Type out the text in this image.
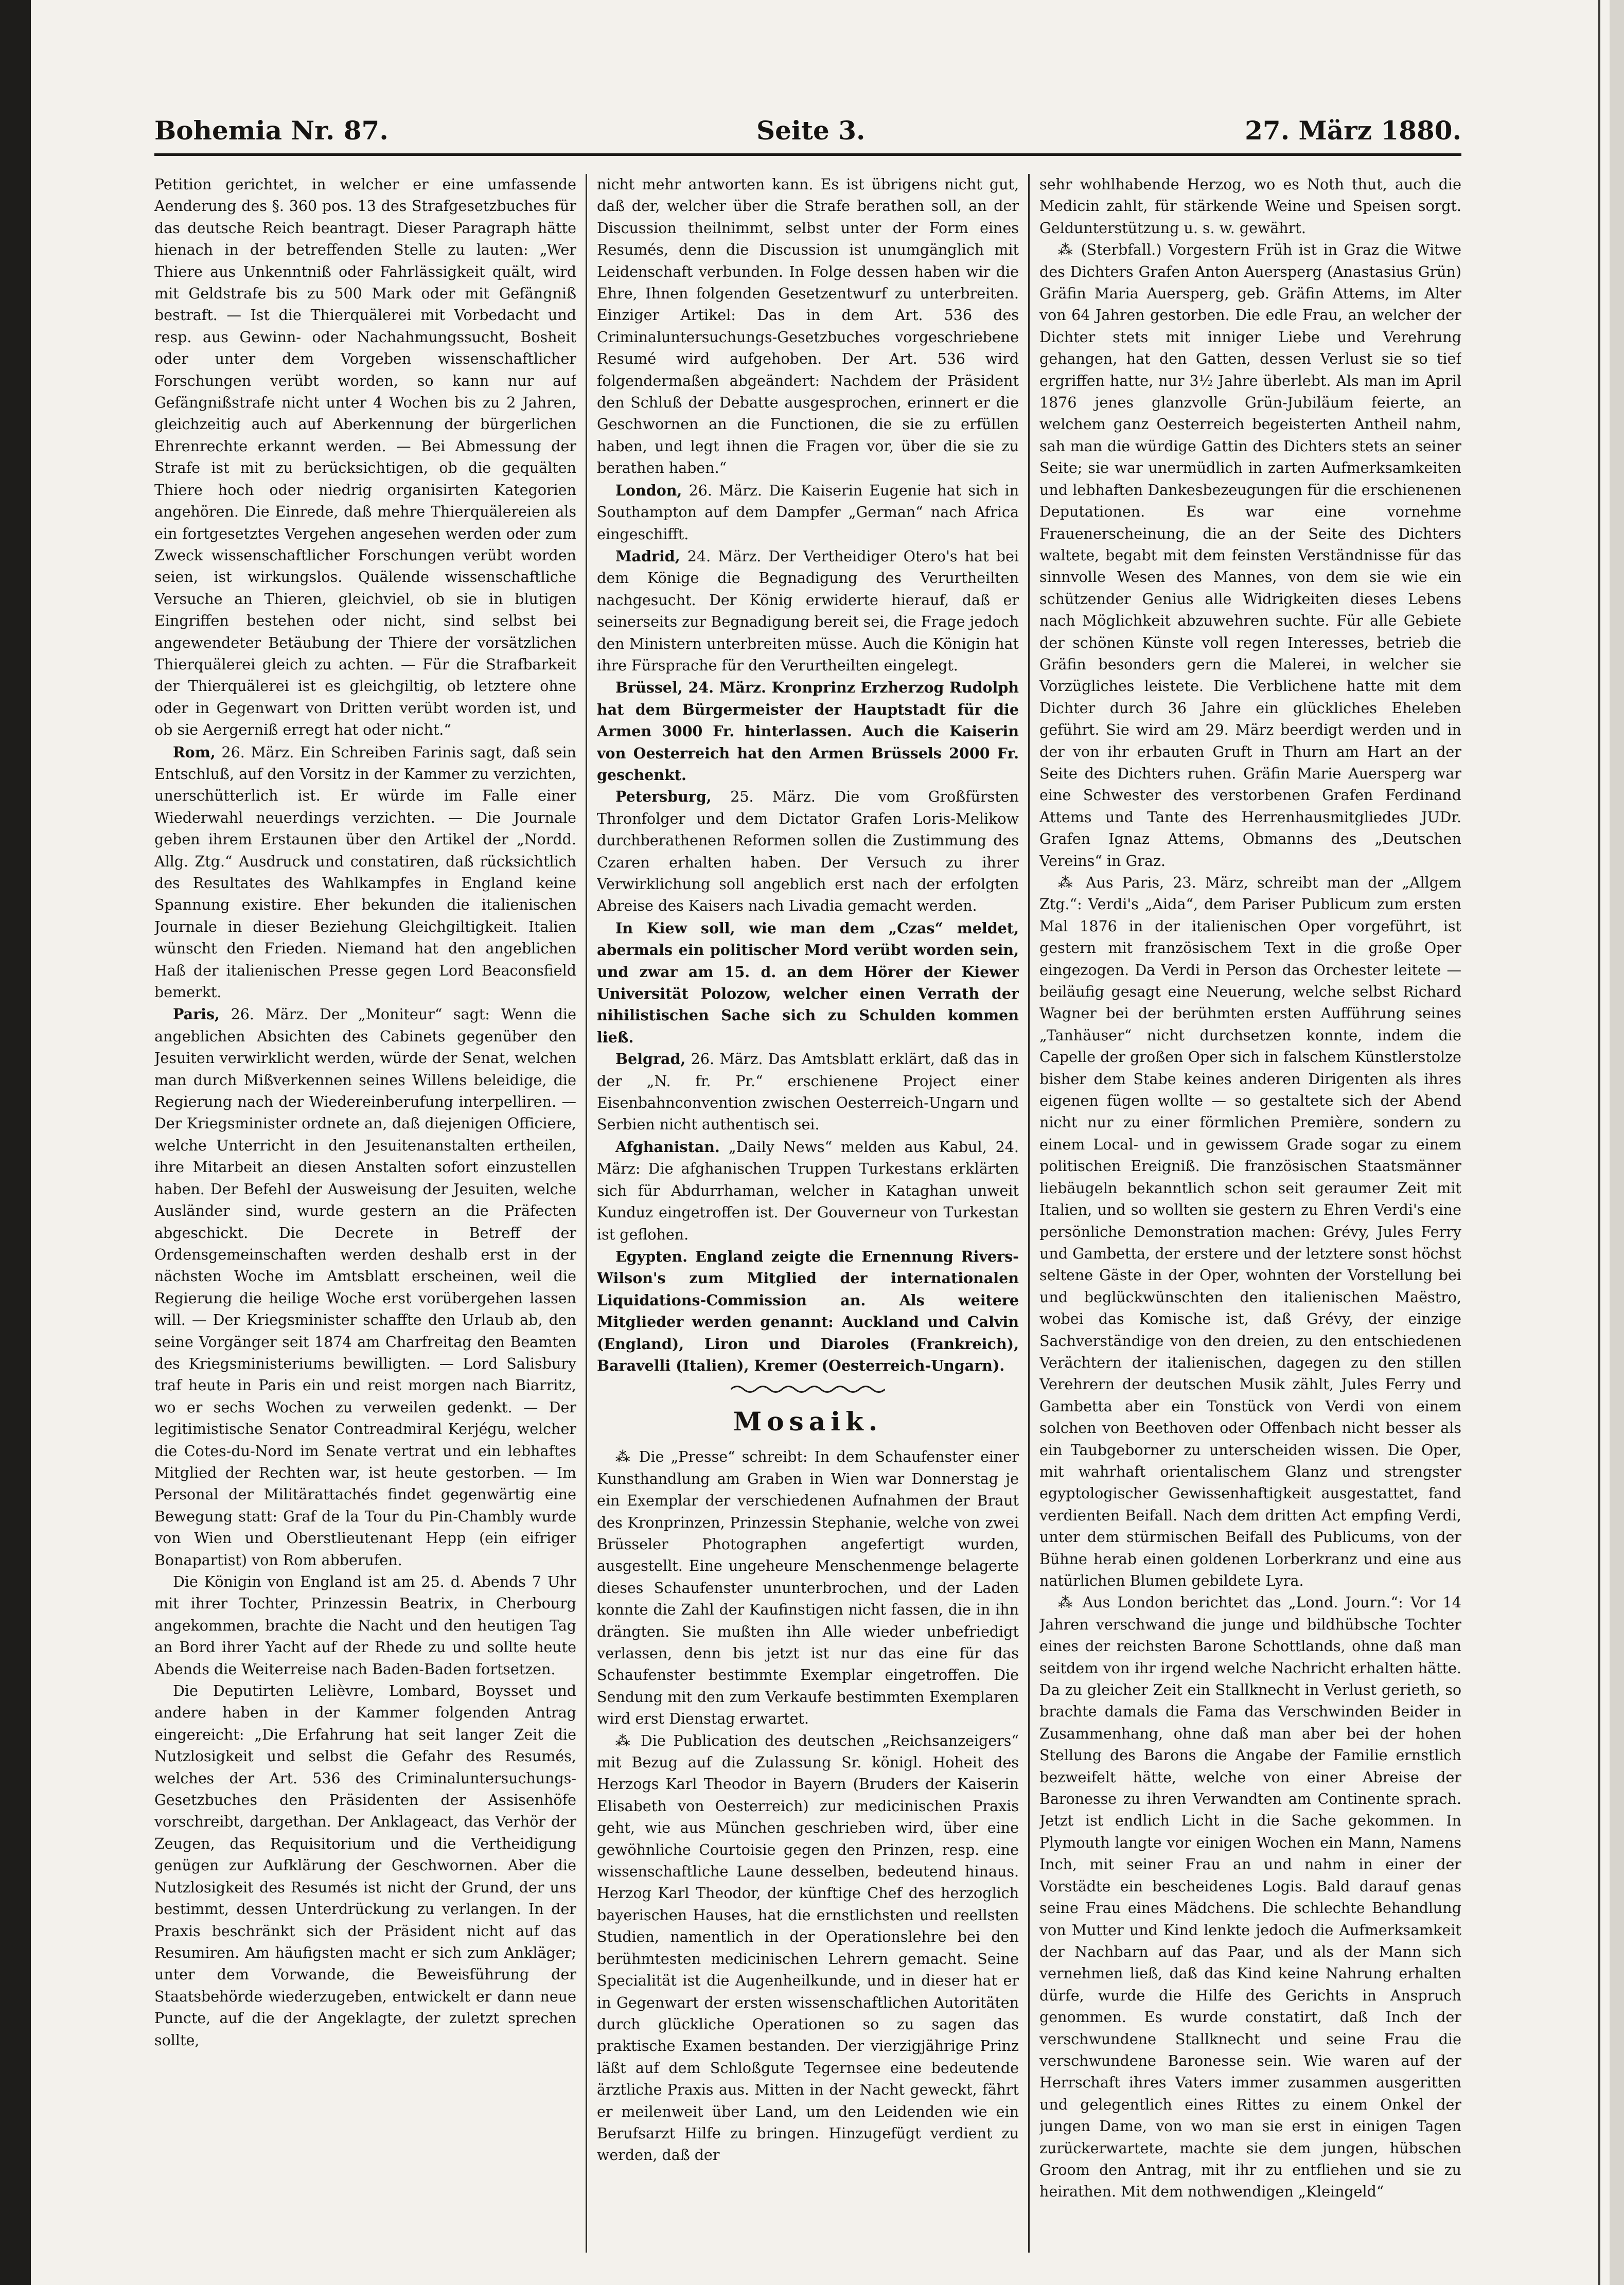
Bohemia Nr. 87.	Seite 3.	27. März 1880.

Petition gerichtet, in welcher er eine umfassende Aenderung des §. 360 pos. 13 des Strafgesetzbuches für das deutsche Reich beantragt. Dieser Paragraph hätte hienach in der betreffenden Stelle zu lauten: „Wer Thiere aus Unkenntniß oder Fahrlässigkeit quält, wird mit Geldstrafe bis zu 500 Mark oder mit Gefängniß bestraft. — Ist die Thierquälerei mit Vorbedacht und resp. aus Gewinn- oder Nachahmungssucht, Bosheit oder unter dem Vorgeben wissenschaftlicher Forschungen verübt worden, so kann nur auf Gefängnißstrafe nicht unter 4 Wochen bis zu 2 Jahren, gleichzeitig auch auf Aberkennung der bürgerlichen Ehrenrechte erkannt werden. — Bei Abmessung der Strafe ist mit zu berücksichtigen, ob die gequälten Thiere hoch oder niedrig organisirten Kategorien angehören. Die Einrede, daß mehre Thierquälereien als ein fortgesetztes Vergehen angesehen werden oder zum Zweck wissenschaftlicher Forschungen verübt worden seien, ist wirkungslos. Quälende wissenschaftliche Versuche an Thieren, gleichviel, ob sie in blutigen Eingriffen bestehen oder nicht, sind selbst bei angewendeter Betäubung der Thiere der vorsätzlichen Thierquälerei gleich zu achten. — Für die Strafbarkeit der Thierquälerei ist es gleichgiltig, ob letztere ohne oder in Gegenwart von Dritten verübt worden ist, und ob sie Aergerniß erregt hat oder nicht.“

Rom, 26. März. Ein Schreiben Farinis sagt, daß sein Entschluß, auf den Vorsitz in der Kammer zu verzichten, unerschütterlich ist. Er würde im Falle einer Wiederwahl neuerdings verzichten. — Die Journale geben ihrem Erstaunen über den Artikel der „Nordd. Allg. Ztg.“ Ausdruck und constatiren, daß rücksichtlich des Resultates des Wahlkampfes in England keine Spannung existire. Eher bekunden die italienischen Journale in dieser Beziehung Gleichgiltigkeit. Italien wünscht den Frieden. Niemand hat den angeblichen Haß der italienischen Presse gegen Lord Beaconsfield bemerkt.

Paris, 26. März. Der „Moniteur“ sagt: Wenn die angeblichen Absichten des Cabinets gegenüber den Jesuiten verwirklicht werden, würde der Senat, welchen man durch Mißverkennen seines Willens beleidige, die Regierung nach der Wiedereinberufung interpelliren. — Der Kriegsminister ordnete an, daß diejenigen Officiere, welche Unterricht in den Jesuitenanstalten ertheilen, ihre Mitarbeit an diesen Anstalten sofort einzustellen haben. Der Befehl der Ausweisung der Jesuiten, welche Ausländer sind, wurde gestern an die Präfecten abgeschickt. Die Decrete in Betreff der Ordensgemeinschaften werden deshalb erst in der nächsten Woche im Amtsblatt erscheinen, weil die Regierung die heilige Woche erst vorübergehen lassen will. — Der Kriegsminister schaffte den Urlaub ab, den seine Vorgänger seit 1874 am Charfreitag den Beamten des Kriegsministeriums bewilligten. — Lord Salisbury traf heute in Paris ein und reist morgen nach Biarritz, wo er sechs Wochen zu verweilen gedenkt. — Der legitimistische Senator Contreadmiral Kerjégu, welcher die Cotes-du-Nord im Senate vertrat und ein lebhaftes Mitglied der Rechten war, ist heute gestorben. — Im Personal der Militärattachés findet gegenwärtig eine Bewegung statt: Graf de la Tour du Pin-Chambly wurde von Wien und Oberstlieutenant Hepp (ein eifriger Bonapartist) von Rom abberufen.

Die Königin von England ist am 25. d. Abends 7 Uhr mit ihrer Tochter, Prinzessin Beatrix, in Cherbourg angekommen, brachte die Nacht und den heutigen Tag an Bord ihrer Yacht auf der Rhede zu und sollte heute Abends die Weiterreise nach Baden-Baden fortsetzen.

Die Deputirten Lelièvre, Lombard, Boysset und andere haben in der Kammer folgenden Antrag eingereicht: „Die Erfahrung hat seit langer Zeit die Nutzlosigkeit und selbst die Gefahr des Resumés, welches der Art. 536 des Criminaluntersuchungs-Gesetzbuches den Präsidenten der Assisenhöfe vorschreibt, dargethan. Der Anklageact, das Verhör der Zeugen, das Requisitorium und die Vertheidigung genügen zur Aufklärung der Geschwornen. Aber die Nutzlosigkeit des Resumés ist nicht der Grund, der uns bestimmt, dessen Unterdrückung zu verlangen. In der Praxis beschränkt sich der Präsident nicht auf das Resumiren. Am häufigsten macht er sich zum Ankläger; unter dem Vorwande, die Beweisführung der Staatsbehörde wiederzugeben, entwickelt er dann neue Puncte, auf die der Angeklagte, der zuletzt sprechen sollte,

nicht mehr antworten kann. Es ist übrigens nicht gut, daß der, welcher über die Strafe berathen soll, an der Discussion theilnimmt, selbst unter der Form eines Resumés, denn die Discussion ist unumgänglich mit Leidenschaft verbunden. In Folge dessen haben wir die Ehre, Ihnen folgenden Gesetzentwurf zu unterbreiten. Einziger Artikel: Das in dem Art. 536 des Criminaluntersuchungs-Gesetzbuches vorgeschriebene Resumé wird aufgehoben. Der Art. 536 wird folgendermaßen abgeändert: Nachdem der Präsident den Schluß der Debatte ausgesprochen, erinnert er die Geschwornen an die Functionen, die sie zu erfüllen haben, und legt ihnen die Fragen vor, über die sie zu berathen haben.“

London, 26. März. Die Kaiserin Eugenie hat sich in Southampton auf dem Dampfer „German“ nach Africa eingeschifft.

Madrid, 24. März. Der Vertheidiger Otero's hat bei dem Könige die Begnadigung des Verurtheilten nachgesucht. Der König erwiderte hierauf, daß er seinerseits zur Begnadigung bereit sei, die Frage jedoch den Ministern unterbreiten müsse. Auch die Königin hat ihre Fürsprache für den Verurtheilten eingelegt.

Brüssel, 24. März. Kronprinz Erzherzog Rudolph hat dem Bürgermeister der Hauptstadt für die Armen 3000 Fr. hinterlassen. Auch die Kaiserin von Oesterreich hat den Armen Brüssels 2000 Fr. geschenkt.

Petersburg, 25. März. Die vom Großfürsten Thronfolger und dem Dictator Grafen Loris-Melikow durchberathenen Reformen sollen die Zustimmung des Czaren erhalten haben. Der Versuch zu ihrer Verwirklichung soll angeblich erst nach der erfolgten Abreise des Kaisers nach Livadia gemacht werden.

In Kiew soll, wie man dem „Czas“ meldet, abermals ein politischer Mord verübt worden sein, und zwar am 15. d. an dem Hörer der Kiewer Universität Polozow, welcher einen Verrath der nihilistischen Sache sich zu Schulden kommen ließ.

Belgrad, 26. März. Das Amtsblatt erklärt, daß das in der „N. fr. Pr.“ erschienene Project einer Eisenbahnconvention zwischen Oesterreich-Ungarn und Serbien nicht authentisch sei.

Afghanistan. „Daily News“ melden aus Kabul, 24. März: Die afghanischen Truppen Turkestans erklärten sich für Abdurrhaman, welcher in Kataghan unweit Kunduz eingetroffen ist. Der Gouverneur von Turkestan ist geflohen.

Egypten. England zeigte die Ernennung Rivers-Wilson's zum Mitglied der internationalen Liquidations-Commission an. Als weitere Mitglieder werden genannt: Auckland und Calvin (England), Liron und Diaroles (Frankreich), Baravelli (Italien), Kremer (Oesterreich-Ungarn).

Mosaik.

⁂ Die „Presse“ schreibt: In dem Schaufenster einer Kunsthandlung am Graben in Wien war Donnerstag je ein Exemplar der verschiedenen Aufnahmen der Braut des Kronprinzen, Prinzessin Stephanie, welche von zwei Brüsseler Photographen angefertigt wurden, ausgestellt. Eine ungeheure Menschenmenge belagerte dieses Schaufenster ununterbrochen, und der Laden konnte die Zahl der Kaufinstigen nicht fassen, die in ihn drängten. Sie mußten ihn Alle wieder unbefriedigt verlassen, denn bis jetzt ist nur das eine für das Schaufenster bestimmte Exemplar eingetroffen. Die Sendung mit den zum Verkaufe bestimmten Exemplaren wird erst Dienstag erwartet.

⁂ Die Publication des deutschen „Reichsanzeigers“ mit Bezug auf die Zulassung Sr. königl. Hoheit des Herzogs Karl Theodor in Bayern (Bruders der Kaiserin Elisabeth von Oesterreich) zur medicinischen Praxis geht, wie aus München geschrieben wird, über eine gewöhnliche Courtoisie gegen den Prinzen, resp. eine wissenschaftliche Laune desselben, bedeutend hinaus. Herzog Karl Theodor, der künftige Chef des herzoglich bayerischen Hauses, hat die ernstlichsten und reellsten Studien, namentlich in der Operationslehre bei den berühmtesten medicinischen Lehrern gemacht. Seine Specialität ist die Augenheilkunde, und in dieser hat er in Gegenwart der ersten wissenschaftlichen Autoritäten durch glückliche Operationen so zu sagen das praktische Examen bestanden. Der vierzigjährige Prinz läßt auf dem Schloßgute Tegernsee eine bedeutende ärztliche Praxis aus. Mitten in der Nacht geweckt, fährt er meilenweit über Land, um den Leidenden wie ein Berufsarzt Hilfe zu bringen. Hinzugefügt verdient zu werden, daß der

sehr wohlhabende Herzog, wo es Noth thut, auch die Medicin zahlt, für stärkende Weine und Speisen sorgt. Geldunterstützung u. s. w. gewährt.

⁂ (Sterbfall.) Vorgestern Früh ist in Graz die Witwe des Dichters Grafen Anton Auersperg (Anastasius Grün) Gräfin Maria Auersperg, geb. Gräfin Attems, im Alter von 64 Jahren gestorben. Die edle Frau, an welcher der Dichter stets mit inniger Liebe und Verehrung gehangen, hat den Gatten, dessen Verlust sie so tief ergriffen hatte, nur 3½ Jahre überlebt. Als man im April 1876 jenes glanzvolle Grün-Jubiläum feierte, an welchem ganz Oesterreich begeisterten Antheil nahm, sah man die würdige Gattin des Dichters stets an seiner Seite; sie war unermüdlich in zarten Aufmerksamkeiten und lebhaften Dankesbezeugungen für die erschienenen Deputationen. Es war eine vornehme Frauenerscheinung, die an der Seite des Dichters waltete, begabt mit dem feinsten Verständnisse für das sinnvolle Wesen des Mannes, von dem sie wie ein schützender Genius alle Widrigkeiten dieses Lebens nach Möglichkeit abzuwehren suchte. Für alle Gebiete der schönen Künste voll regen Interesses, betrieb die Gräfin besonders gern die Malerei, in welcher sie Vorzügliches leistete. Die Verblichene hatte mit dem Dichter durch 36 Jahre ein glückliches Eheleben geführt. Sie wird am 29. März beerdigt werden und in der von ihr erbauten Gruft in Thurn am Hart an der Seite des Dichters ruhen. Gräfin Marie Auersperg war eine Schwester des verstorbenen Grafen Ferdinand Attems und Tante des Herrenhausmitgliedes JUDr. Grafen Ignaz Attems, Obmanns des „Deutschen Vereins“ in Graz.

⁂ Aus Paris, 23. März, schreibt man der „Allgem Ztg.“: Verdi's „Aida“, dem Pariser Publicum zum ersten Mal 1876 in der italienischen Oper vorgeführt, ist gestern mit französischem Text in die große Oper eingezogen. Da Verdi in Person das Orchester leitete — beiläufig gesagt eine Neuerung, welche selbst Richard Wagner bei der berühmten ersten Aufführung seines „Tanhäuser“ nicht durchsetzen konnte, indem die Capelle der großen Oper sich in falschem Künstlerstolze bisher dem Stabe keines anderen Dirigenten als ihres eigenen fügen wollte — so gestaltete sich der Abend nicht nur zu einer förmlichen Première, sondern zu einem Local- und in gewissem Grade sogar zu einem politischen Ereigniß. Die französischen Staatsmänner liebäugeln bekanntlich schon seit geraumer Zeit mit Italien, und so wollten sie gestern zu Ehren Verdi's eine persönliche Demonstration machen: Grévy, Jules Ferry und Gambetta, der erstere und der letztere sonst höchst seltene Gäste in der Oper, wohnten der Vorstellung bei und beglückwünschten den italienischen Maëstro, wobei das Komische ist, daß Grévy, der einzige Sachverständige von den dreien, zu den entschiedenen Verächtern der italienischen, dagegen zu den stillen Verehrern der deutschen Musik zählt, Jules Ferry und Gambetta aber ein Tonstück von Verdi von einem solchen von Beethoven oder Offenbach nicht besser als ein Taubgeborner zu unterscheiden wissen. Die Oper, mit wahrhaft orientalischem Glanz und strengster egyptologischer Gewissenhaftigkeit ausgestattet, fand verdienten Beifall. Nach dem dritten Act empfing Verdi, unter dem stürmischen Beifall des Publicums, von der Bühne herab einen goldenen Lorberkranz und eine aus natürlichen Blumen gebildete Lyra.

⁂ Aus London berichtet das „Lond. Journ.“: Vor 14 Jahren verschwand die junge und bildhübsche Tochter eines der reichsten Barone Schottlands, ohne daß man seitdem von ihr irgend welche Nachricht erhalten hätte. Da zu gleicher Zeit ein Stallknecht in Verlust gerieth, so brachte damals die Fama das Verschwinden Beider in Zusammenhang, ohne daß man aber bei der hohen Stellung des Barons die Angabe der Familie ernstlich bezweifelt hätte, welche von einer Abreise der Baronesse zu ihren Verwandten am Continente sprach. Jetzt ist endlich Licht in die Sache gekommen. In Plymouth langte vor einigen Wochen ein Mann, Namens Inch, mit seiner Frau an und nahm in einer der Vorstädte ein bescheidenes Logis. Bald darauf genas seine Frau eines Mädchens. Die schlechte Behandlung von Mutter und Kind lenkte jedoch die Aufmerksamkeit der Nachbarn auf das Paar, und als der Mann sich vernehmen ließ, daß das Kind keine Nahrung erhalten dürfe, wurde die Hilfe des Gerichts in Anspruch genommen. Es wurde constatirt, daß Inch der verschwundene Stallknecht und seine Frau die verschwundene Baronesse sein. Wie waren auf der Herrschaft ihres Vaters immer zusammen ausgeritten und gelegentlich eines Rittes zu einem Onkel der jungen Dame, von wo man sie erst in einigen Tagen zurückerwartete, machte sie dem jungen, hübschen Groom den Antrag, mit ihr zu entfliehen und sie zu heirathen. Mit dem nothwendigen „Kleingeld“
